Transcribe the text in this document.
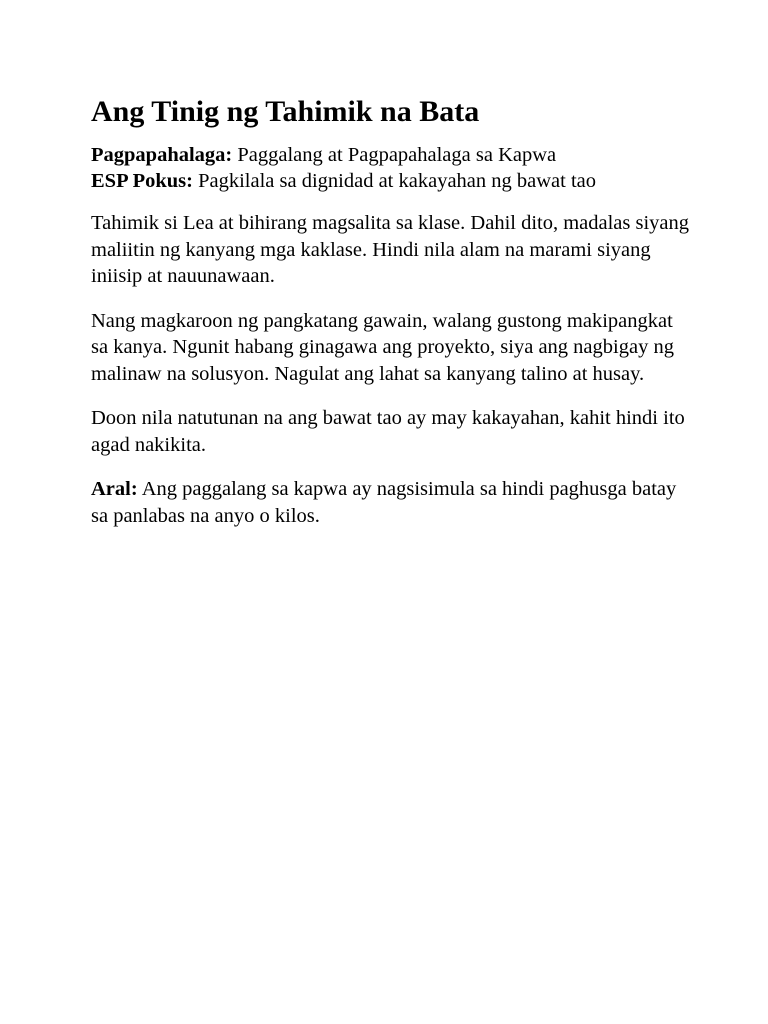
Ang Tinig ng Tahimik na Bata

Pagpapahalaga: Paggalang at Pagpapahalaga sa Kapwa

ESP Pokus: Pagkilala sa dignidad at kakayahan ng bawat tao

Tahimik si Lea at bihirang magsalita sa klase. Dahil dito, madalas siyang maliitin ng kanyang mga kaklase. Hindi nila alam na marami siyang iniisip at nauunawaan.

Nang magkaroon ng pangkatang gawain, walang gustong makipangkat sa kanya. Ngunit habang ginagawa ang proyekto, siya ang nagbigay ng malinaw na solusyon. Nagulat ang lahat sa kanyang talino at husay.

Doon nila natutunan na ang bawat tao ay may kakayahan, kahit hindi ito agad nakikita.

Aral: Ang paggalang sa kapwa ay nagsisimula sa hindi paghusga batay sa panlabas na anyo o kilos.
